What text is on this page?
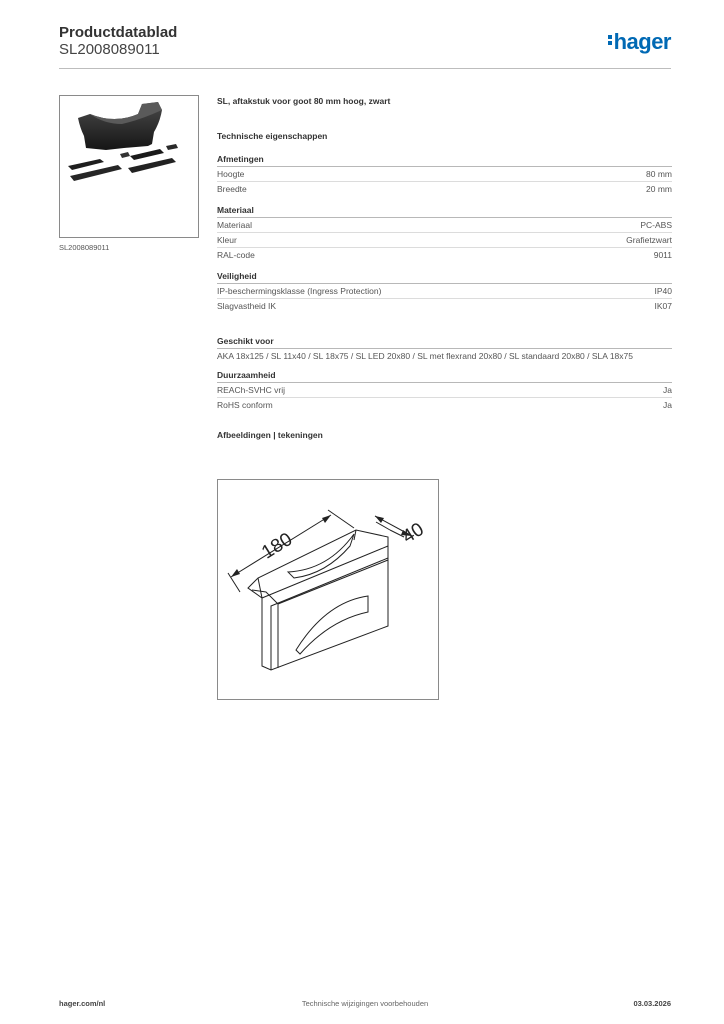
Productdatablad
SL2008089011	hager
SL2008089011
SL, aftakstuk voor goot 80 mm hoog, zwart
Technische eigenschappen
Afmetingen
Hoogte	80 mm
Breedte	20 mm
Materiaal
Materiaal	PC-ABS
Kleur	Grafietzwart
RAL-code	9011
Veiligheid
IP-beschermingsklasse (Ingress Protection)	IP40
Slagvastheid IK	IK07
Geschikt voor
AKA 18x125 / SL 11x40 / SL 18x75 / SL LED 20x80 / SL met flexrand 20x80 / SL standaard 20x80 / SLA 18x75
Duurzaamheid
REACh-SVHC vrij	Ja
RoHS conform	Ja
Afbeeldingen | tekeningen
180	40
hager.com/nl	Technische wijzigingen voorbehouden	03.03.2026
